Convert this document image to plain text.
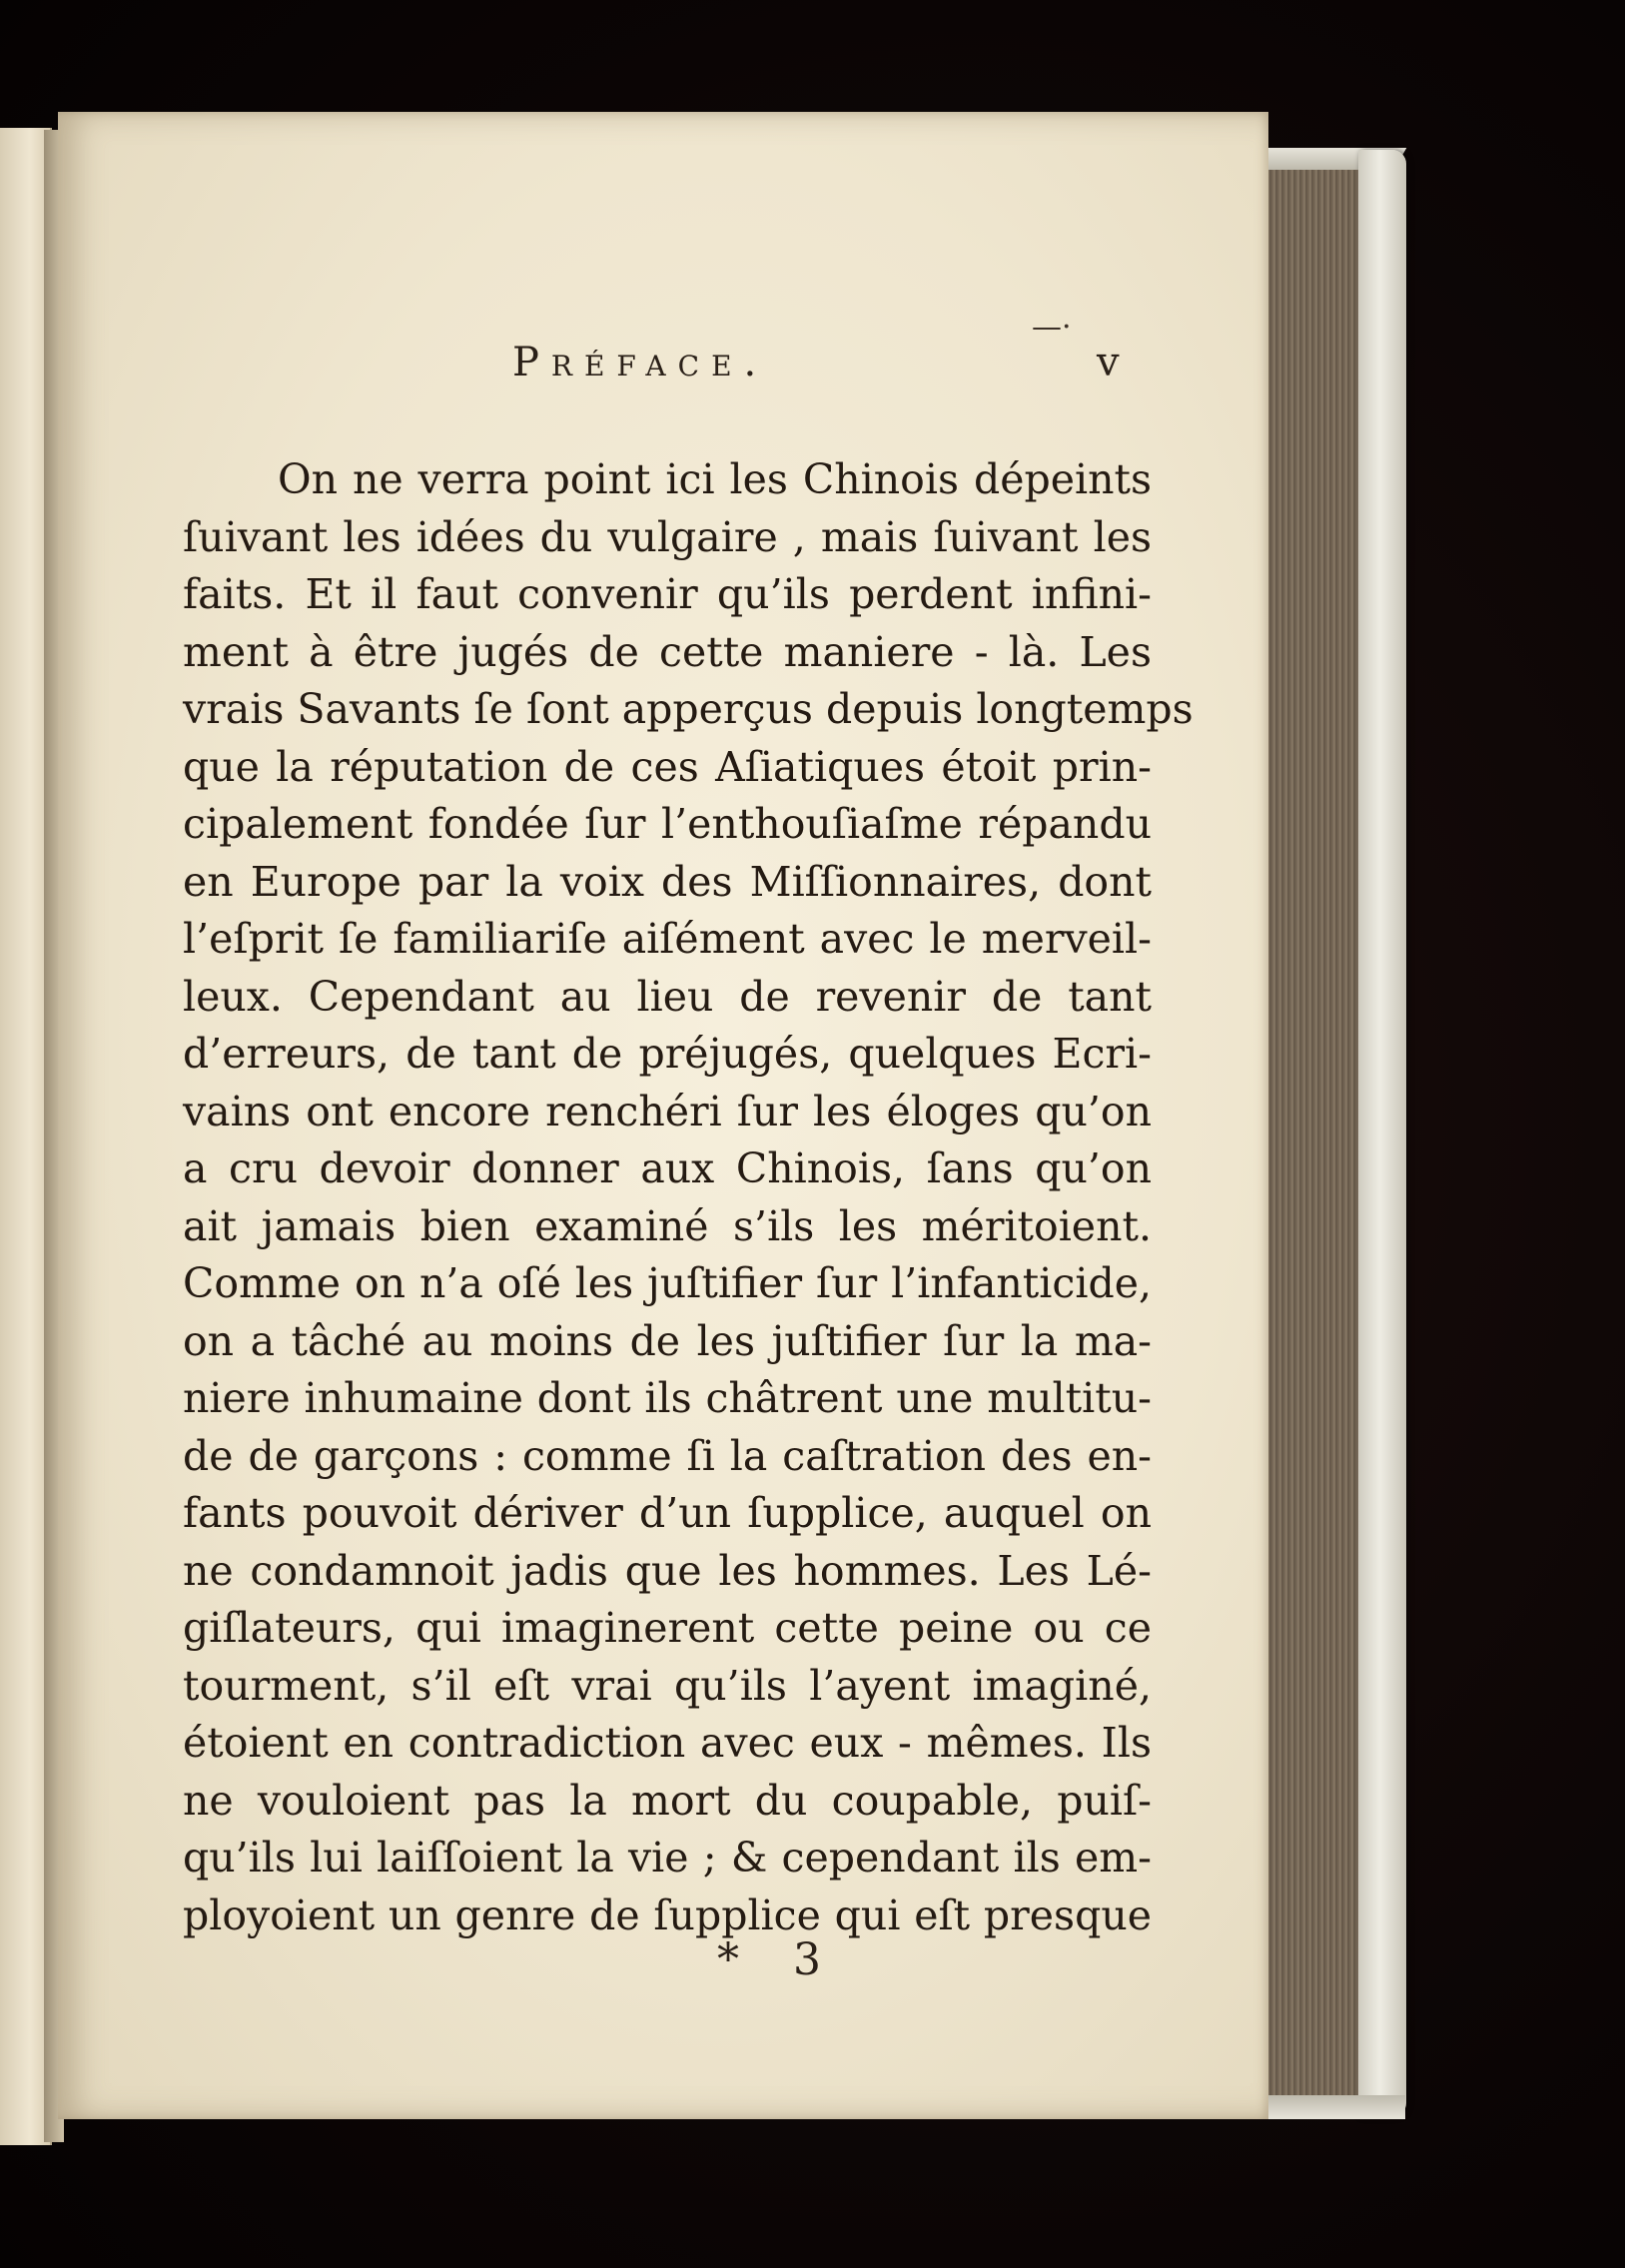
—·
Préface.	v
On ne verra point ici les Chinois dépeints
ſuivant les idées du vulgaire , mais ſuivant les
faits. Et il faut convenir qu’ils perdent infini-
ment à être jugés de cette maniere - là. Les
vrais Savants ſe ſont apperçus depuis longtemps
que la réputation de ces Aſiatiques étoit prin-
cipalement fondée ſur l’enthouſiaſme répandu
en Europe par la voix des Miſſionnaires, dont
l’eſprit ſe familiariſe aiſément avec le merveil-
leux. Cependant au lieu de revenir de tant
d’erreurs, de tant de préjugés, quelques Ecri-
vains ont encore renchéri ſur les éloges qu’on
a cru devoir donner aux Chinois, ſans qu’on
ait jamais bien examiné s’ils les méritoient.
Comme on n’a oſé les juſtifier ſur l’infanticide,
on a tâché au moins de les juſtifier ſur la ma-
niere inhumaine dont ils châtrent une multitu-
de de garçons : comme ſi la caſtration des en-
fants pouvoit dériver d’un ſupplice, auquel on
ne condamnoit jadis que les hommes. Les Lé-
giſlateurs, qui imaginerent cette peine ou ce
tourment, s’il eſt vrai qu’ils l’ayent imaginé,
étoient en contradiction avec eux - mêmes. Ils
ne vouloient pas la mort du coupable, puiſ-
qu’ils lui laiſſoient la vie ; & cependant ils em-
ployoient un genre de ſupplice qui eſt presque
* 3
